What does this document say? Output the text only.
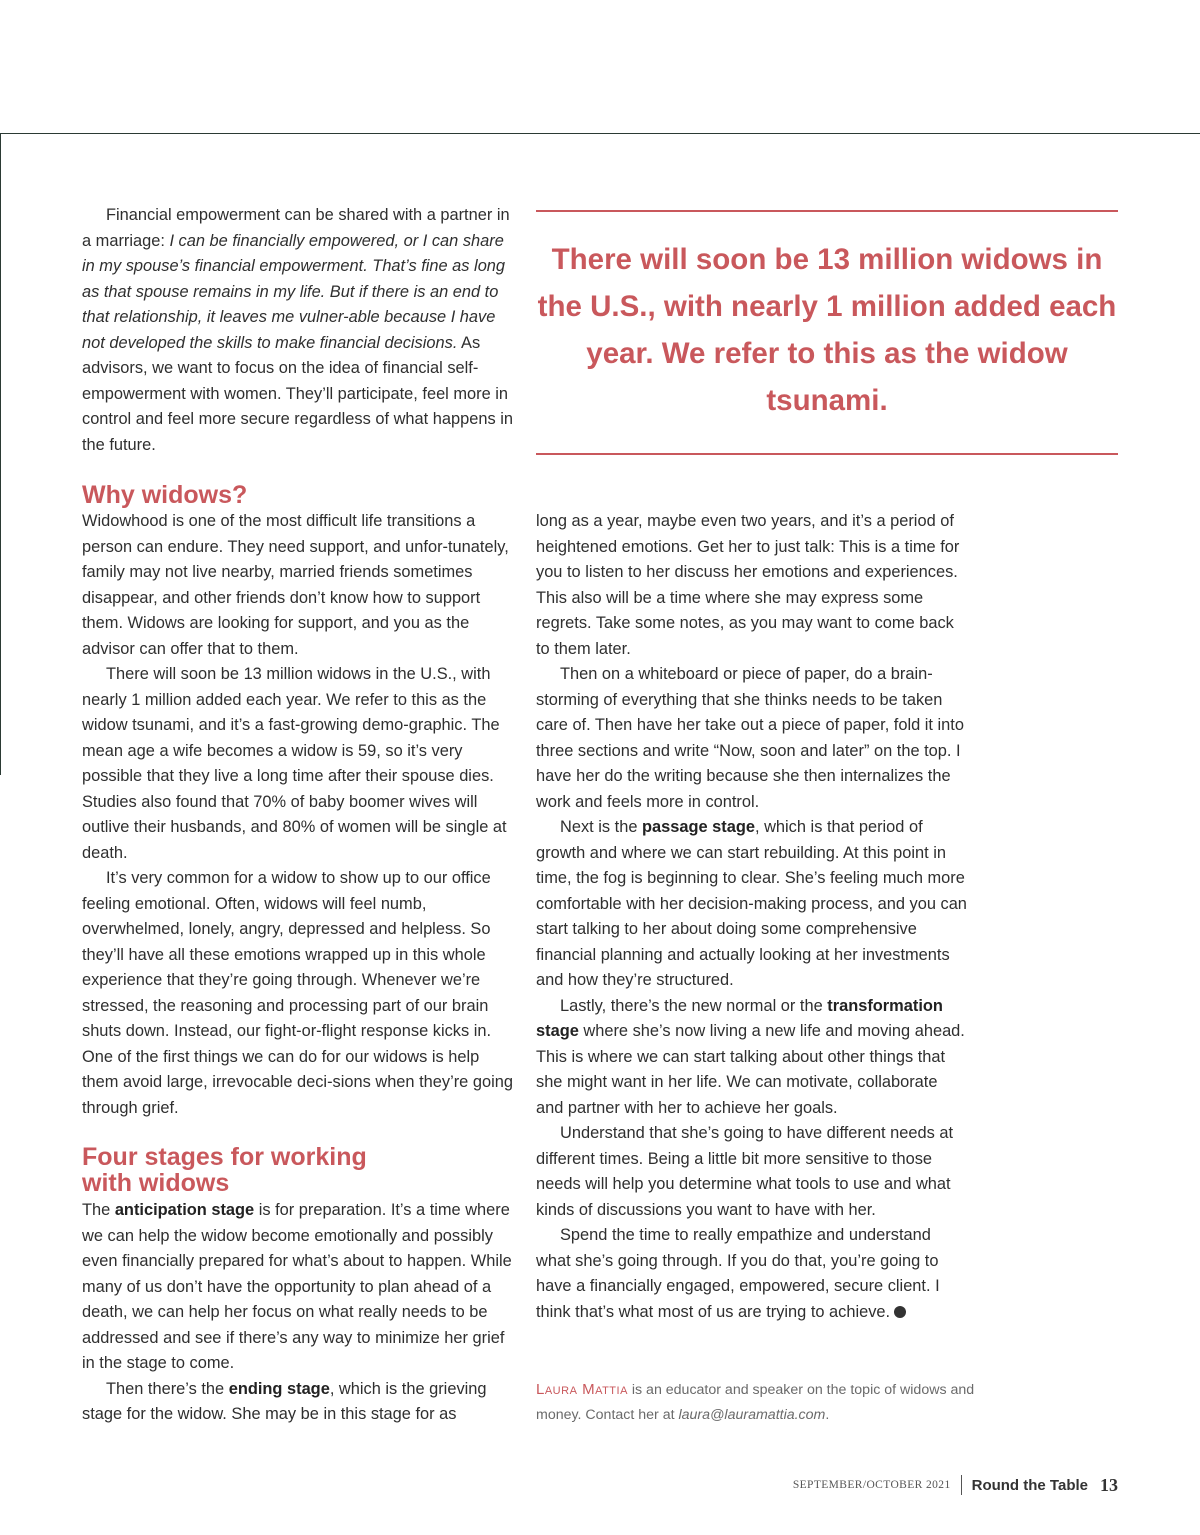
Financial empowerment can be shared with a partner in a marriage: I can be financially empowered, or I can share in my spouse’s financial empowerment. That’s fine as long as that spouse remains in my life. But if there is an end to that relationship, it leaves me vulner-able because I have not developed the skills to make financial decisions. As advisors, we want to focus on the idea of financial self-empowerment with women. They’ll participate, feel more in control and feel more secure regardless of what happens in the future.

There will soon be 13 million widows in the U.S., with nearly 1 million added each year. We refer to this as the widow tsunami.

Why widows?

Widowhood is one of the most difficult life transitions a person can endure. They need support, and unfor-tunately, family may not live nearby, married friends sometimes disappear, and other friends don’t know how to support them. Widows are looking for support, and you as the advisor can offer that to them.

There will soon be 13 million widows in the U.S., with nearly 1 million added each year. We refer to this as the widow tsunami, and it’s a fast-growing demo-graphic. The mean age a wife becomes a widow is 59, so it’s very possible that they live a long time after their spouse dies. Studies also found that 70% of baby boomer wives will outlive their husbands, and 80% of women will be single at death.

It’s very common for a widow to show up to our office feeling emotional. Often, widows will feel numb, overwhelmed, lonely, angry, depressed and helpless. So they’ll have all these emotions wrapped up in this whole experience that they’re going through. Whenever we’re stressed, the reasoning and processing part of our brain shuts down. Instead, our fight-or-flight response kicks in. One of the first things we can do for our widows is help them avoid large, irrevocable deci-sions when they’re going through grief.

Four stages for working
with widows

The anticipation stage is for preparation. It’s a time where we can help the widow become emotionally and possibly even financially prepared for what’s about to happen. While many of us don’t have the opportunity to plan ahead of a death, we can help her focus on what really needs to be addressed and see if there’s any way to minimize her grief in the stage to come.

Then there’s the ending stage, which is the grieving stage for the widow. She may be in this stage for as

long as a year, maybe even two years, and it’s a period of heightened emotions. Get her to just talk: This is a time for you to listen to her discuss her emotions and experiences. This also will be a time where she may express some regrets. Take some notes, as you may want to come back to them later.

Then on a whiteboard or piece of paper, do a brain-storming of everything that she thinks needs to be taken care of. Then have her take out a piece of paper, fold it into three sections and write “Now, soon and later” on the top. I have her do the writing because she then internalizes the work and feels more in control.

Next is the passage stage, which is that period of growth and where we can start rebuilding. At this point in time, the fog is beginning to clear. She’s feeling much more comfortable with her decision-making process, and you can start talking to her about doing some comprehensive financial planning and actually looking at her investments and how they’re structured.

Lastly, there’s the new normal or the transformation stage where she’s now living a new life and moving ahead. This is where we can start talking about other things that she might want in her life. We can motivate, collaborate and partner with her to achieve her goals.

Understand that she’s going to have different needs at different times. Being a little bit more sensitive to those needs will help you determine what tools to use and what kinds of discussions you want to have with her.

Spend the time to really empathize and understand what she’s going through. If you do that, you’re going to have a financially engaged, empowered, secure client. I think that’s what most of us are trying to achieve.

Laura Mattia is an educator and speaker on the topic of widows and money. Contact her at laura@lauramattia.com.
SEPTEMBER/OCTOBER 2021 Round the Table 13
